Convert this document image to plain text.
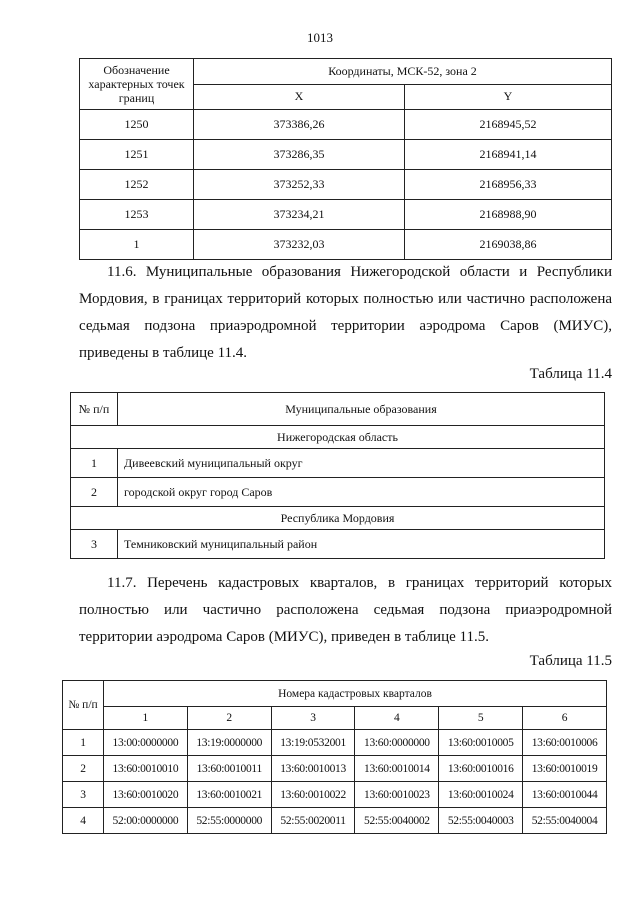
1013
Обозначение характерных точек границ	Координаты, МСК-52, зона 2	
	X	Y
1250	373386,26	2168945,52
1251	373286,35	2168941,14
1252	373252,33	2168956,33
1253	373234,21	2168988,90
1	373232,03	2169038,86

11.6. Муниципальные образования Нижегородской области и Республики Мордовия, в границах территорий которых полностью или частично расположена седьмая подзона приаэродромной территории аэродрома Саров (МИУС), приведены в таблице 11.4.

Таблица 11.4
№ п/п	Муниципальные образования
Нижегородская область	
1	Дивеевский муниципальный округ
2	городской округ город Саров
Республика Мордовия	
3	Темниковский муниципальный район

11.7. Перечень кадастровых кварталов, в границах территорий которых полностью или частично расположена седьмая подзона приаэродромной территории аэродрома Саров (МИУС), приведен в таблице 11.5.

Таблица 11.5
№ п/п	Номера кадастровых кварталов					
	1	2	3	4	5	6
1	13:00:0000000	13:19:0000000	13:19:0532001	13:60:0000000	13:60:0010005	13:60:0010006
2	13:60:0010010	13:60:0010011	13:60:0010013	13:60:0010014	13:60:0010016	13:60:0010019
3	13:60:0010020	13:60:0010021	13:60:0010022	13:60:0010023	13:60:0010024	13:60:0010044
4	52:00:0000000	52:55:0000000	52:55:0020011	52:55:0040002	52:55:0040003	52:55:0040004
